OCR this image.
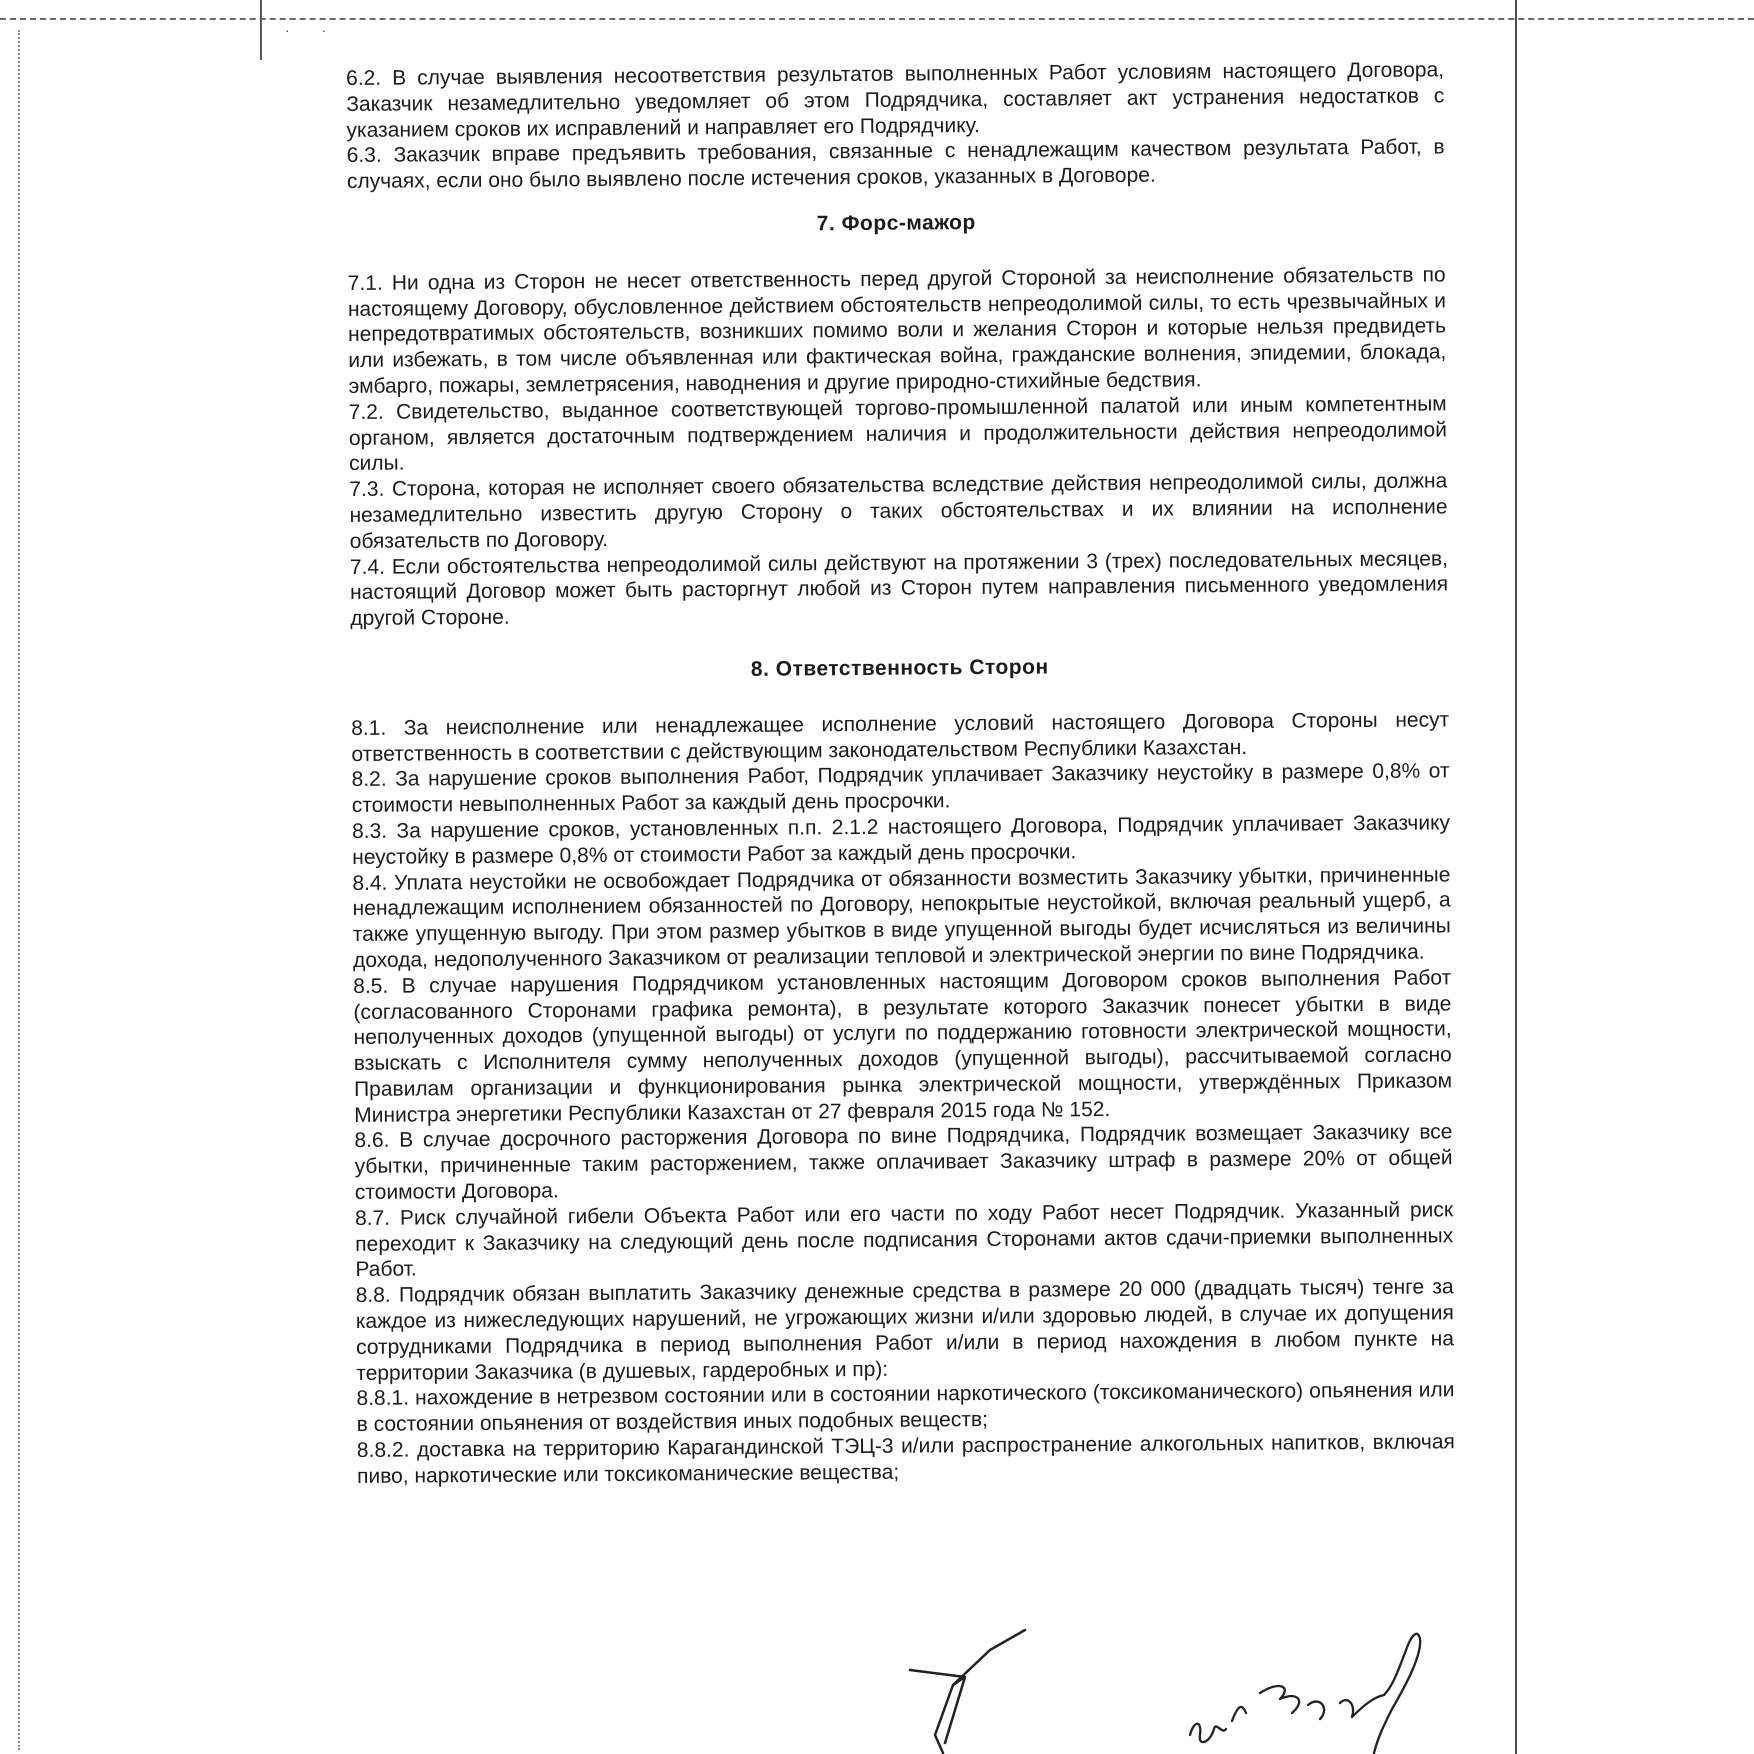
· ·

6.2. В случае выявления несоответствия результатов выполненных Работ условиям настоящего Договора, Заказчик незамедлительно уведомляет об этом Подрядчика, составляет акт устранения недостатков с указанием сроков их исправлений и направляет его Подрядчику.

6.3. Заказчик вправе предъявить требования, связанные с ненадлежащим качеством результата Работ, в случаях, если оно было выявлено после истечения сроков, указанных в Договоре.

7. Форс-мажор

7.1. Ни одна из Сторон не несет ответственность перед другой Стороной за неисполнение обязательств по настоящему Договору, обусловленное действием обстоятельств непреодолимой силы, то есть чрезвычайных и непредотвратимых обстоятельств, возникших помимо воли и желания Сторон и которые нельзя предвидеть или избежать, в том числе объявленная или фактическая война, гражданские волнения, эпидемии, блокада, эмбарго, пожары, землетрясения, наводнения и другие природно-стихийные бедствия.

7.2. Свидетельство, выданное соответствующей торгово-промышленной палатой или иным компетентным органом, является достаточным подтверждением наличия и продолжительности действия непреодолимой силы.

7.3. Сторона, которая не исполняет своего обязательства вследствие действия непреодолимой силы, должна незамедлительно известить другую Сторону о таких обстоятельствах и их влиянии на исполнение обязательств по Договору.

7.4. Если обстоятельства непреодолимой силы действуют на протяжении 3 (трех) последовательных месяцев, настоящий Договор может быть расторгнут любой из Сторон путем направления письменного уведомления другой Стороне.

8. Ответственность Сторон

8.1. За неисполнение или ненадлежащее исполнение условий настоящего Договора Стороны несут ответственность в соответствии с действующим законодательством Республики Казахстан.

8.2. За нарушение сроков выполнения Работ, Подрядчик уплачивает Заказчику неустойку в размере 0,8% от стоимости невыполненных Работ за каждый день просрочки.

8.3. За нарушение сроков, установленных п.п. 2.1.2 настоящего Договора, Подрядчик уплачивает Заказчику неустойку в размере 0,8% от стоимости Работ за каждый день просрочки.

8.4. Уплата неустойки не освобождает Подрядчика от обязанности возместить Заказчику убытки, причиненные ненадлежащим исполнением обязанностей по Договору, непокрытые неустойкой, включая реальный ущерб, а также упущенную выгоду. При этом размер убытков в виде упущенной выгоды будет исчисляться из величины дохода, недополученного Заказчиком от реализации тепловой и электрической энергии по вине Подрядчика.

8.5. В случае нарушения Подрядчиком установленных настоящим Договором сроков выполнения Работ (согласованного Сторонами графика ремонта), в результате которого Заказчик понесет убытки в виде неполученных доходов (упущенной выгоды) от услуги по поддержанию готовности электрической мощности, взыскать с Исполнителя сумму неполученных доходов (упущенной выгоды), рассчитываемой согласно Правилам организации и функционирования рынка электрической мощности, утверждённых Приказом Министра энергетики Республики Казахстан от 27 февраля 2015 года № 152.

8.6. В случае досрочного расторжения Договора по вине Подрядчика, Подрядчик возмещает Заказчику все убытки, причиненные таким расторжением, также оплачивает Заказчику штраф в размере 20% от общей стоимости Договора.

8.7. Риск случайной гибели Объекта Работ или его части по ходу Работ несет Подрядчик. Указанный риск переходит к Заказчику на следующий день после подписания Сторонами актов сдачи-приемки выполненных Работ.

8.8. Подрядчик обязан выплатить Заказчику денежные средства в размере 20 000 (двадцать тысяч) тенге за каждое из нижеследующих нарушений, не угрожающих жизни и/или здоровью людей, в случае их допущения сотрудниками Подрядчика в период выполнения Работ и/или в период нахождения в любом пункте на территории Заказчика (в душевых, гардеробных и пр):

8.8.1. нахождение в нетрезвом состоянии или в состоянии наркотического (токсикоманического) опьянения или в состоянии опьянения от воздействия иных подобных веществ;

8.8.2. доставка на территорию Карагандинской ТЭЦ-3 и/или распространение алкогольных напитков, включая пиво, наркотические или токсикоманические вещества;
